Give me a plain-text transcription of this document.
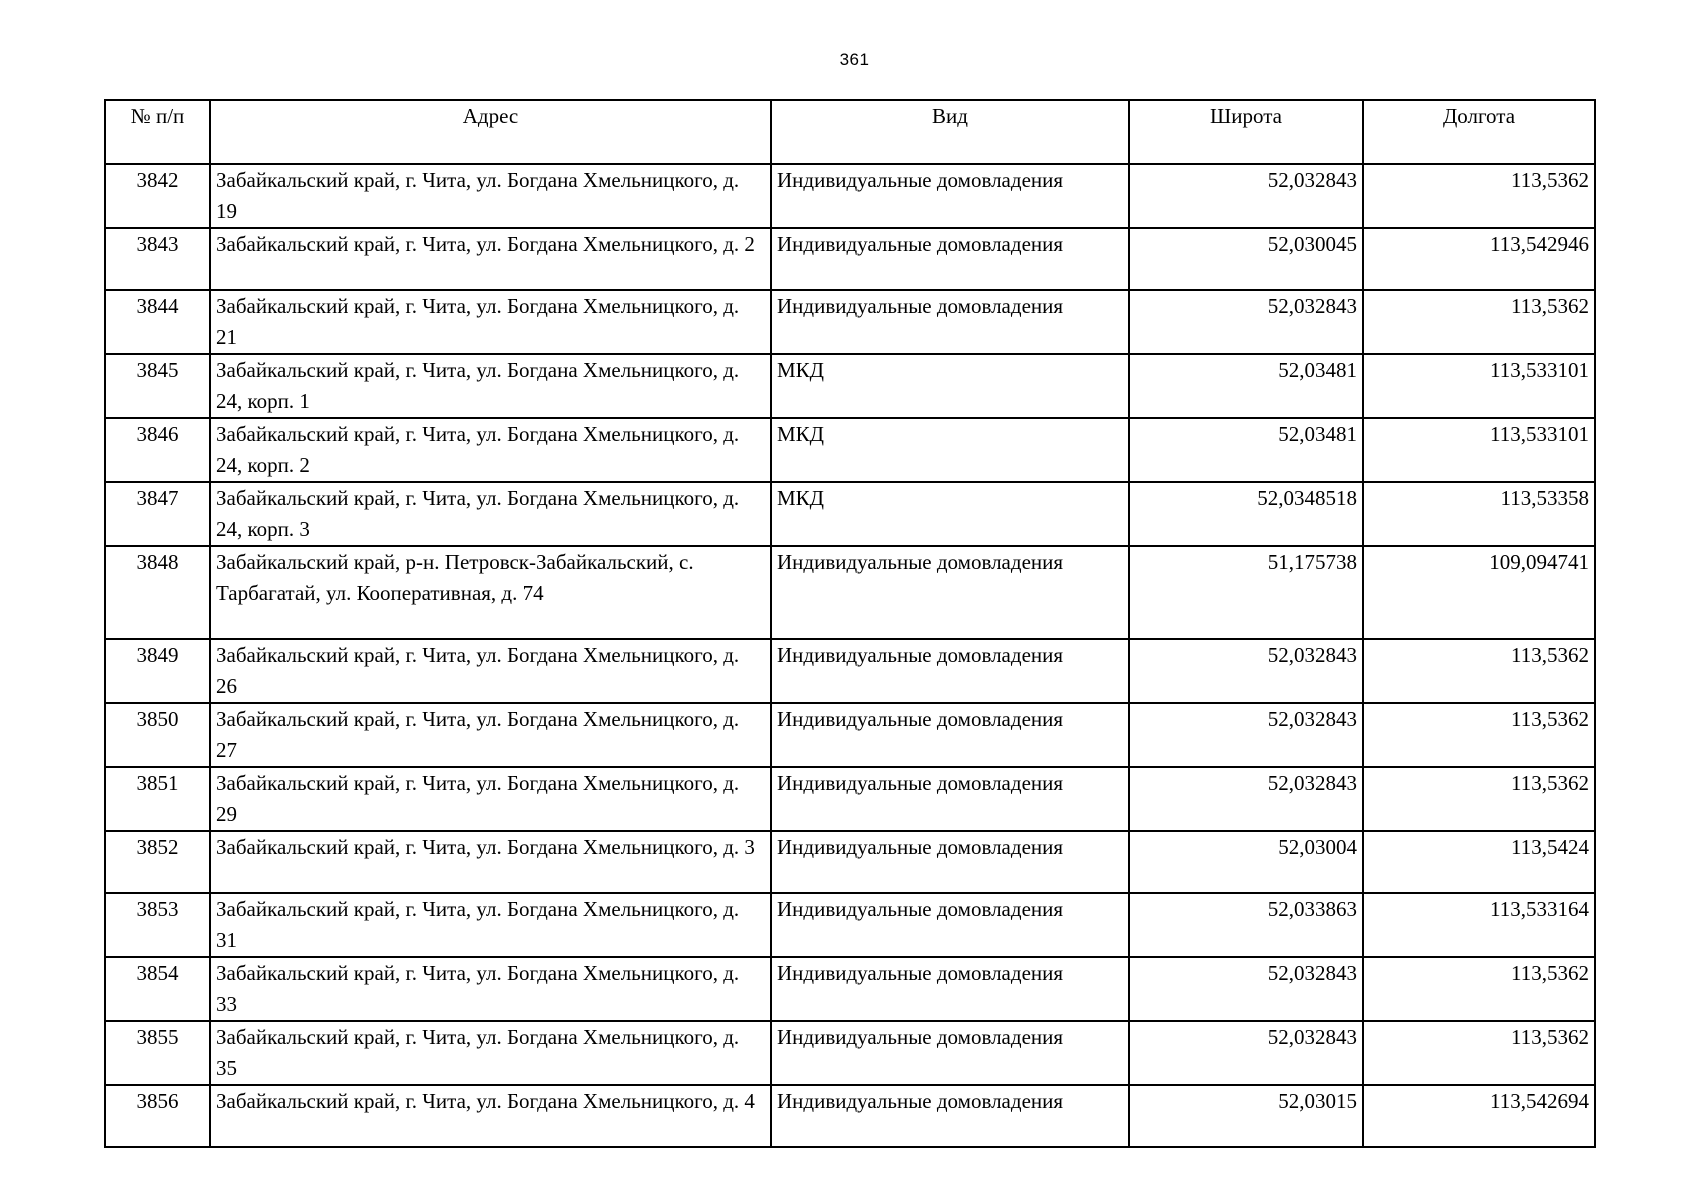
361
№ п/п	Адрес	Вид	Широта	Долгота
3842	Забайкальский край, г. Чита, ул. Богдана Хмельницкого, д. 19	Индивидуальные домовладения	52,032843	113,5362
3843	Забайкальский край, г. Чита, ул. Богдана Хмельницкого, д. 2	Индивидуальные домовладения	52,030045	113,542946
3844	Забайкальский край, г. Чита, ул. Богдана Хмельницкого, д. 21	Индивидуальные домовладения	52,032843	113,5362
3845	Забайкальский край, г. Чита, ул. Богдана Хмельницкого, д. 24, корп. 1	МКД	52,03481	113,533101
3846	Забайкальский край, г. Чита, ул. Богдана Хмельницкого, д. 24, корп. 2	МКД	52,03481	113,533101
3847	Забайкальский край, г. Чита, ул. Богдана Хмельницкого, д. 24, корп. 3	МКД	52,0348518	113,53358
3848	Забайкальский край, р-н. Петровск-Забайкальский, с. Тарбагатай, ул. Кооперативная, д. 74	Индивидуальные домовладения	51,175738	109,094741
3849	Забайкальский край, г. Чита, ул. Богдана Хмельницкого, д. 26	Индивидуальные домовладения	52,032843	113,5362
3850	Забайкальский край, г. Чита, ул. Богдана Хмельницкого, д. 27	Индивидуальные домовладения	52,032843	113,5362
3851	Забайкальский край, г. Чита, ул. Богдана Хмельницкого, д. 29	Индивидуальные домовладения	52,032843	113,5362
3852	Забайкальский край, г. Чита, ул. Богдана Хмельницкого, д. 3	Индивидуальные домовладения	52,03004	113,5424
3853	Забайкальский край, г. Чита, ул. Богдана Хмельницкого, д. 31	Индивидуальные домовладения	52,033863	113,533164
3854	Забайкальский край, г. Чита, ул. Богдана Хмельницкого, д. 33	Индивидуальные домовладения	52,032843	113,5362
3855	Забайкальский край, г. Чита, ул. Богдана Хмельницкого, д. 35	Индивидуальные домовладения	52,032843	113,5362
3856	Забайкальский край, г. Чита, ул. Богдана Хмельницкого, д. 4	Индивидуальные домовладения	52,03015	113,542694
